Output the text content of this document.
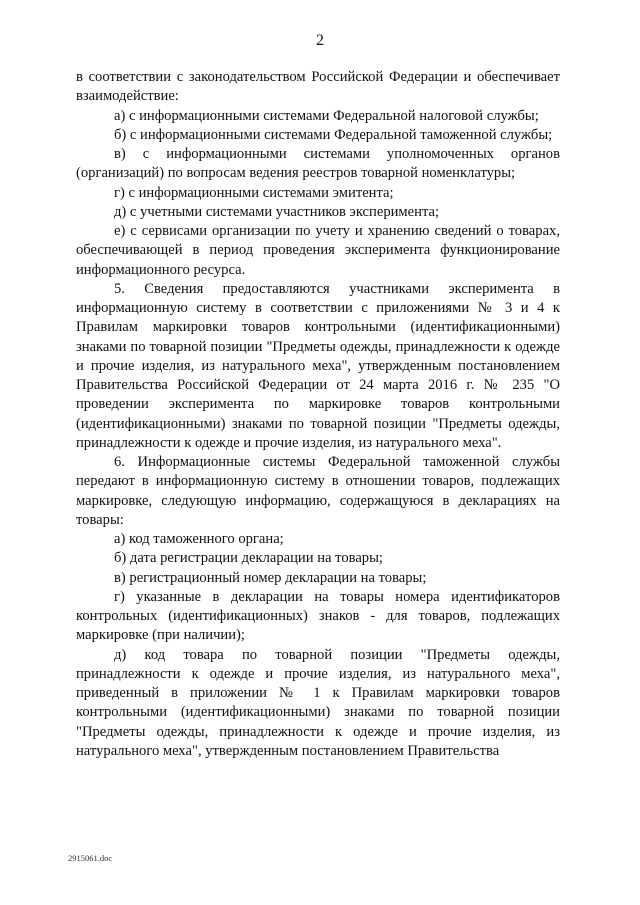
2

в соответствии с законодательством Российской Федерации и обеспечивает взаимодействие:

а) с информационными системами Федеральной налоговой службы;

б) с информационными системами Федеральной таможенной службы;

в) с информационными системами уполномоченных органов (организаций) по вопросам ведения реестров товарной номенклатуры;

г) с информационными системами эмитента;

д) с учетными системами участников эксперимента;

е) с сервисами организации по учету и хранению сведений о товарах, обеспечивающей в период проведения эксперимента функционирование информационного ресурса.

5. Сведения предоставляются участниками эксперимента в информационную систему в соответствии с приложениями № 3 и 4 к Правилам маркировки товаров контрольными (идентификационными) знаками по товарной позиции "Предметы одежды, принадлежности к одежде и прочие изделия, из натурального меха", утвержденным постановлением Правительства Российской Федерации от 24 марта 2016 г. № 235 "О проведении эксперимента по маркировке товаров контрольными (идентификационными) знаками по товарной позиции "Предметы одежды, принадлежности к одежде и прочие изделия, из натурального меха".

6. Информационные системы Федеральной таможенной службы передают в информационную систему в отношении товаров, подлежащих маркировке, следующую информацию, содержащуюся в декларациях на товары:

а) код таможенного органа;

б) дата регистрации декларации на товары;

в) регистрационный номер декларации на товары;

г) указанные в декларации на товары номера идентификаторов контрольных (идентификационных) знаков - для товаров, подлежащих маркировке (при наличии);

д) код товара по товарной позиции "Предметы одежды, принадлежности к одежде и прочие изделия, из натурального меха", приведенный в приложении № 1 к Правилам маркировки товаров контрольными (идентификационными) знаками по товарной позиции "Предметы одежды, принадлежности к одежде и прочие изделия, из натурального меха", утвержденным постановлением Правительства

2915061.doc
